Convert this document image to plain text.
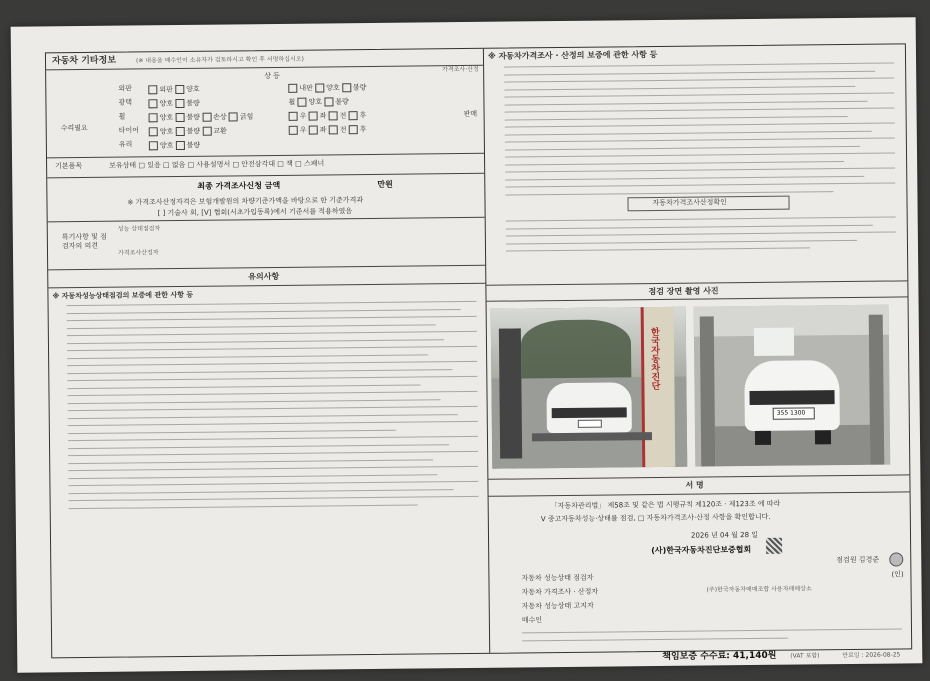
자동차 기타정보	(※ 내용을 매수인이 소유자가 검토하시고 확인 후 서명하십시오)
상 등
수리필요
외판	외판 양호	내판 양호 불량
광택	양호 불량	휠 양호 불량
휠	양호 불량 손상 긁힘	우 좌 전 후
타이어	양호 불량 교환	우 좌 전 후
유리	양호 불량
기본품목	보유상태 □ 있음 □ 없음 □ 사용설명서 □ 안전삼각대 □ 잭 □ 스패너
최종 가격조사신청 금액	만원
※ 가격조사산정자격은 보험개발원의 차량기준가액을 바탕으로 한 기준가격과
[ ] 기술사 회, [V] 협회(서초가입동록)에서 기준서를 적용하였음
특기사항 및 점검자의 의견
성능 상태점검자
가격조사산정자
유의사항
※ 자동차성능상태점검의 보증에 관한 사항 등
※ 자동차가격조사 · 산정의 보증에 관한 사항 등
가격조사·산정
판매
자동차가격조사산정확인
점검 장면 촬영 사진
한국자동차진단
355 1300
서 명
「자동차관리법」 제58조 및 같은 법 시행규칙 제120조 · 제123조 에 따라
V 중고자동차성능·상태를 점검, □ 자동차가격조사·산정 사항을 확인합니다.
2026 년 04 월 28 일
(사)한국자동차진단보증협회
점검원 김경준
자동차 성능상태 점검자
자동차 가격조사 · 산정자
자동차 성능상태 고지자
매수인
(주)한국자동차매매조합 사용자매매상소
(인)
책임보증 수수료: 41,140원 (VAT 포함)	만료일 : 2026-08-25
